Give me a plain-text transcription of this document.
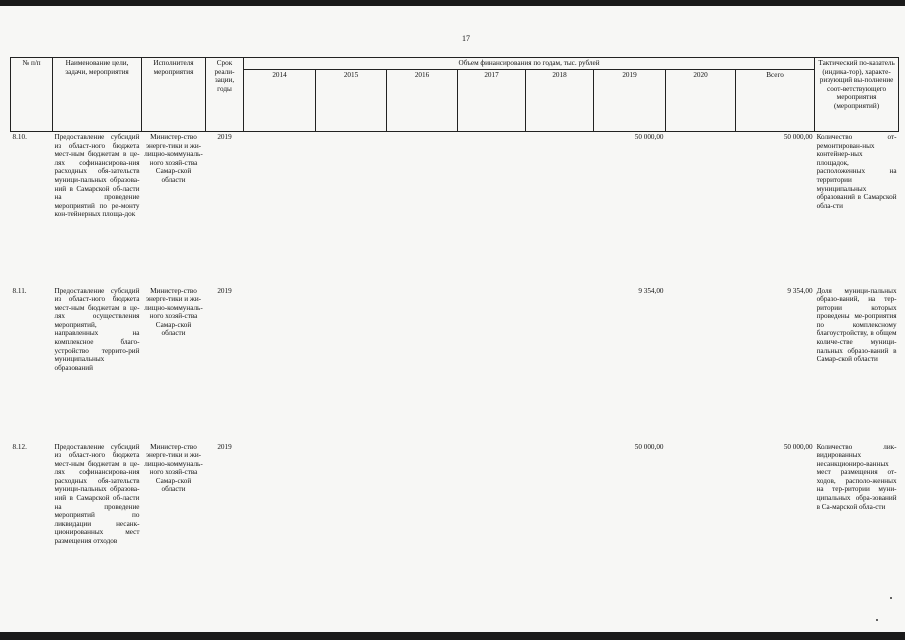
17
№ п/п	Наименование цели, задачи, мероприятия	Исполнителя мероприятия	Срок реали-зации, годы	Объем финансирования по годам, тыс. рублей								Тактический по-казатель (индика-тор), характе-ризующий вы-полнение соот-ветствующего мероприятия (мероприятий)
				2014	2015	2016	2017	2018	2019	2020	Всего	
8.10.	Предоставление субсидий из област-ного бюджета мест-ным бюджетам в це-лях софинансирова-ния расходных обя-зательств муници-пальных образова-ний в Самарской об-ласти на проведение мероприятий по ре-монту кон-тейнерных площа-док	Министер-ство энерге-тики и жи-лищно-коммуналь-ного хозяй-ства Самар-ской области	2019						50 000,00		50 000,00	Количество от-ремонтирован-ных контейнер-ных площадок, расположенных на территории муниципальных образований в Самарской обла-сти
8.11.	Предоставление субсидий из област-ного бюджета мест-ным бюджетам в це-лях осуществления мероприятий, направленных на комплексное благо-устройство террито-рий муниципальных образований	Министер-ство энерге-тики и жи-лищно-коммуналь-ного хозяй-ства Самар-ской области	2019						9 354,00		9 354,00	Доля муници-пальных образо-ваний, на тер-ритории которых проведены ме-роприятия по комплексному благоустройству, в общем количе-стве муници-пальных образо-ваний в Самар-ской области
8.12.	Предоставление субсидий из област-ного бюджета мест-ным бюджетам в це-лях софинансирова-ния расходных обя-зательств муници-пальных образова-ний в Самарской об-ласти на проведение мероприятий по ликвидации несанк-ционированных мест размещения отходов	Министер-ство энерге-тики и жи-лищно-коммуналь-ного хозяй-ства Самар-ской области	2019						50 000,00		50 000,00	Количество лик-видированных несанкциониро-ванных мест размещения от-ходов, располо-женных на тер-ритории муни-ципальных обра-зований в Са-марской обла-сти
